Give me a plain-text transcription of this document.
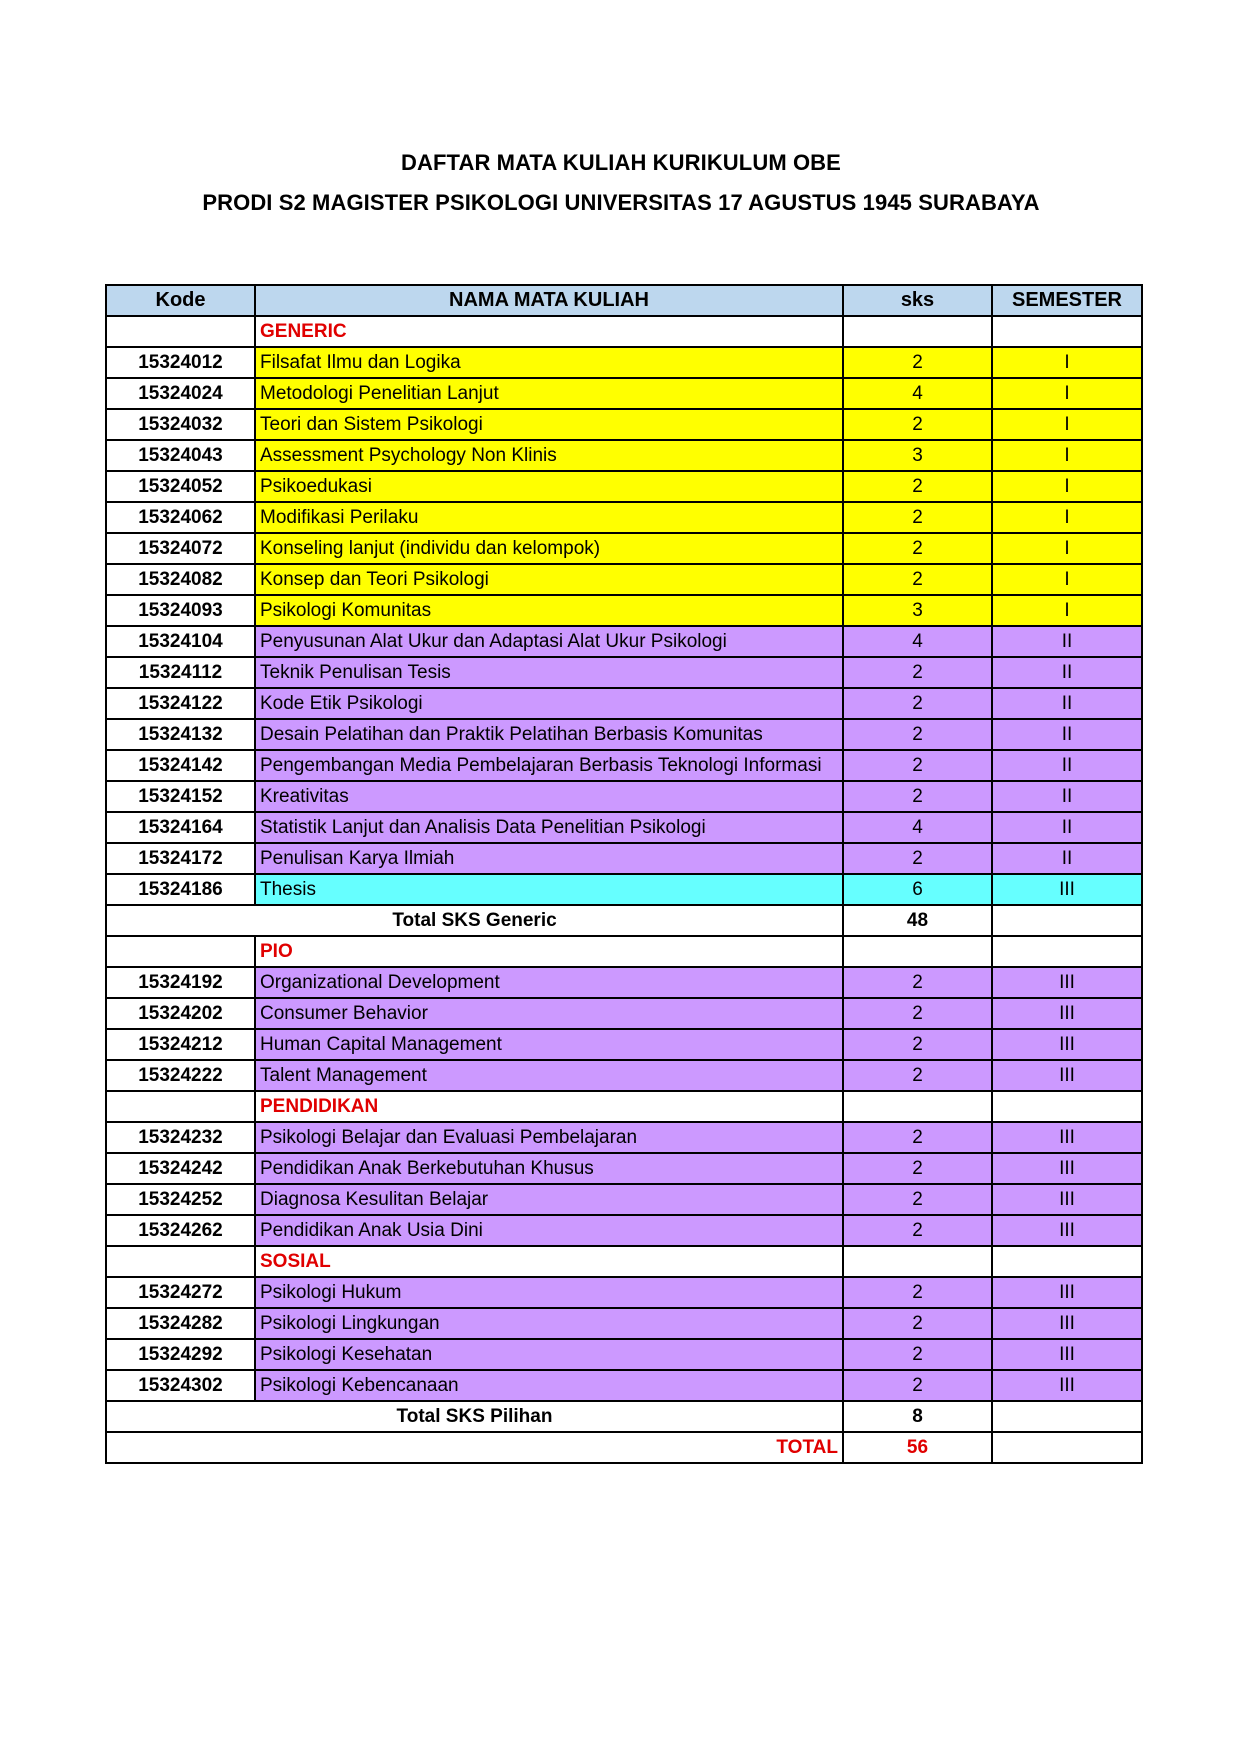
DAFTAR MATA KULIAH KURIKULUM OBE
PRODI S2 MAGISTER PSIKOLOGI UNIVERSITAS 17 AGUSTUS 1945 SURABAYA
Kode	NAMA MATA KULIAH	sks	SEMESTER
	GENERIC		
15324012	Filsafat Ilmu dan Logika	2	I
15324024	Metodologi Penelitian Lanjut	4	I
15324032	Teori dan Sistem Psikologi	2	I
15324043	Assessment Psychology Non Klinis	3	I
15324052	Psikoedukasi	2	I
15324062	Modifikasi Perilaku	2	I
15324072	Konseling lanjut (individu dan kelompok)	2	I
15324082	Konsep dan Teori Psikologi	2	I
15324093	Psikologi Komunitas	3	I
15324104	Penyusunan Alat Ukur dan Adaptasi Alat Ukur Psikologi	4	II
15324112	Teknik Penulisan Tesis	2	II
15324122	Kode Etik Psikologi	2	II
15324132	Desain Pelatihan dan Praktik Pelatihan Berbasis Komunitas	2	II
15324142	Pengembangan Media Pembelajaran Berbasis Teknologi Informasi	2	II
15324152	Kreativitas	2	II
15324164	Statistik Lanjut dan Analisis Data Penelitian Psikologi	4	II
15324172	Penulisan Karya Ilmiah	2	II
15324186	Thesis	6	III
Total SKS Generic		48	
	PIO		
15324192	Organizational Development	2	III
15324202	Consumer Behavior	2	III
15324212	Human Capital Management	2	III
15324222	Talent Management	2	III
	PENDIDIKAN		
15324232	Psikologi Belajar dan Evaluasi Pembelajaran	2	III
15324242	Pendidikan Anak Berkebutuhan Khusus	2	III
15324252	Diagnosa Kesulitan Belajar	2	III
15324262	Pendidikan Anak Usia Dini	2	III
	SOSIAL		
15324272	Psikologi Hukum	2	III
15324282	Psikologi Lingkungan	2	III
15324292	Psikologi Kesehatan	2	III
15324302	Psikologi Kebencanaan	2	III
Total SKS Pilihan		8	
TOTAL		56	
